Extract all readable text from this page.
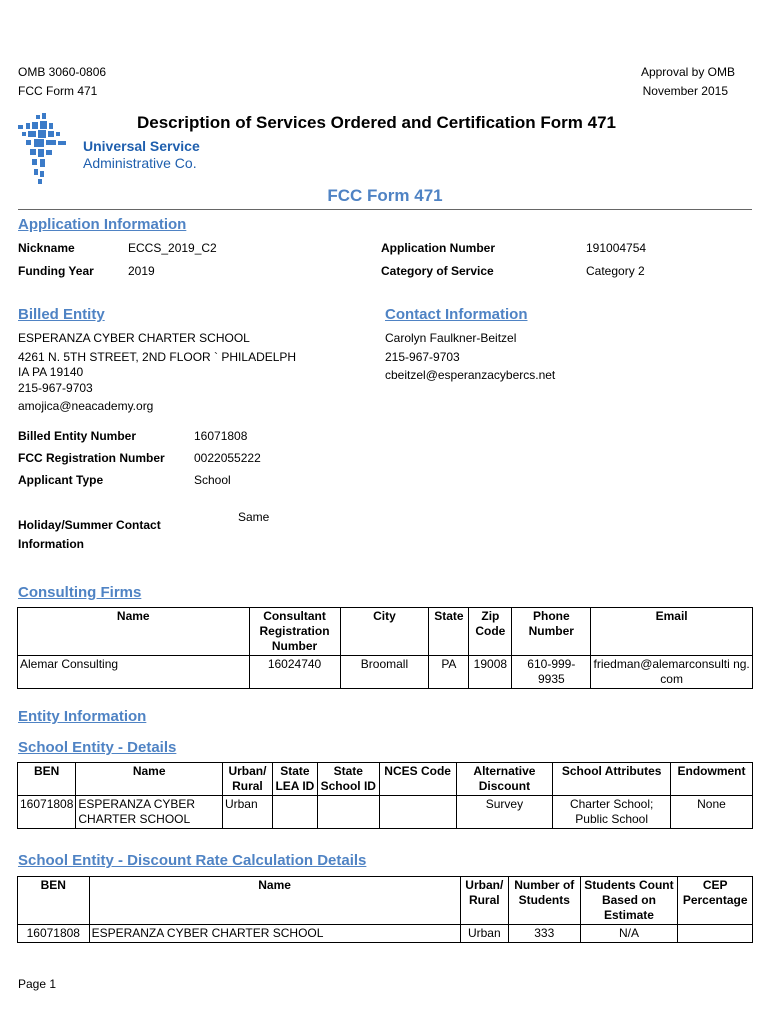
OMB 3060-0806
FCC Form 471
Approval by OMB
November 2015
Universal Service
Administrative Co.
Description of Services Ordered and Certification Form 471
FCC Form 471
Application Information
Nickname	ECCS_2019_C2
Funding Year	2019
Application Number	191004754
Category of Service	Category 2
Billed Entity
ESPERANZA CYBER CHARTER SCHOOL
4261 N. 5TH STREET, 2ND FLOOR ` PHILADELPH
IA PA 19140
215-967-9703
amojica@neacademy.org
Contact Information
Carolyn Faulkner-Beitzel
215-967-9703
cbeitzel@esperanzacybercs.net
Billed Entity Number	16071808
FCC Registration Number 0022055222
Applicant Type	School
Holiday/Summer Contact
Information
Same
Consulting Firms
Name	Consultant Registration Number	City	State	Zip Code	Phone Number	Email
Alemar Consulting	16024740	Broomall	PA	19008	610-999-9935	friedman@alemarconsulti ng.com
Entity Information
School Entity - Details
BEN	Name	Urban/ Rural	State LEA ID	State School ID	NCES Code	Alternative Discount	School Attributes	Endowment
16071808	ESPERANZA CYBER CHARTER SCHOOL	Urban				Survey	Charter School; Public School	None
School Entity - Discount Rate Calculation Details
BEN	Name	Urban/ Rural	Number of Students	Students Count Based on Estimate	CEP Percentage
16071808	ESPERANZA CYBER CHARTER SCHOOL	Urban	333	N/A	
Page 1
